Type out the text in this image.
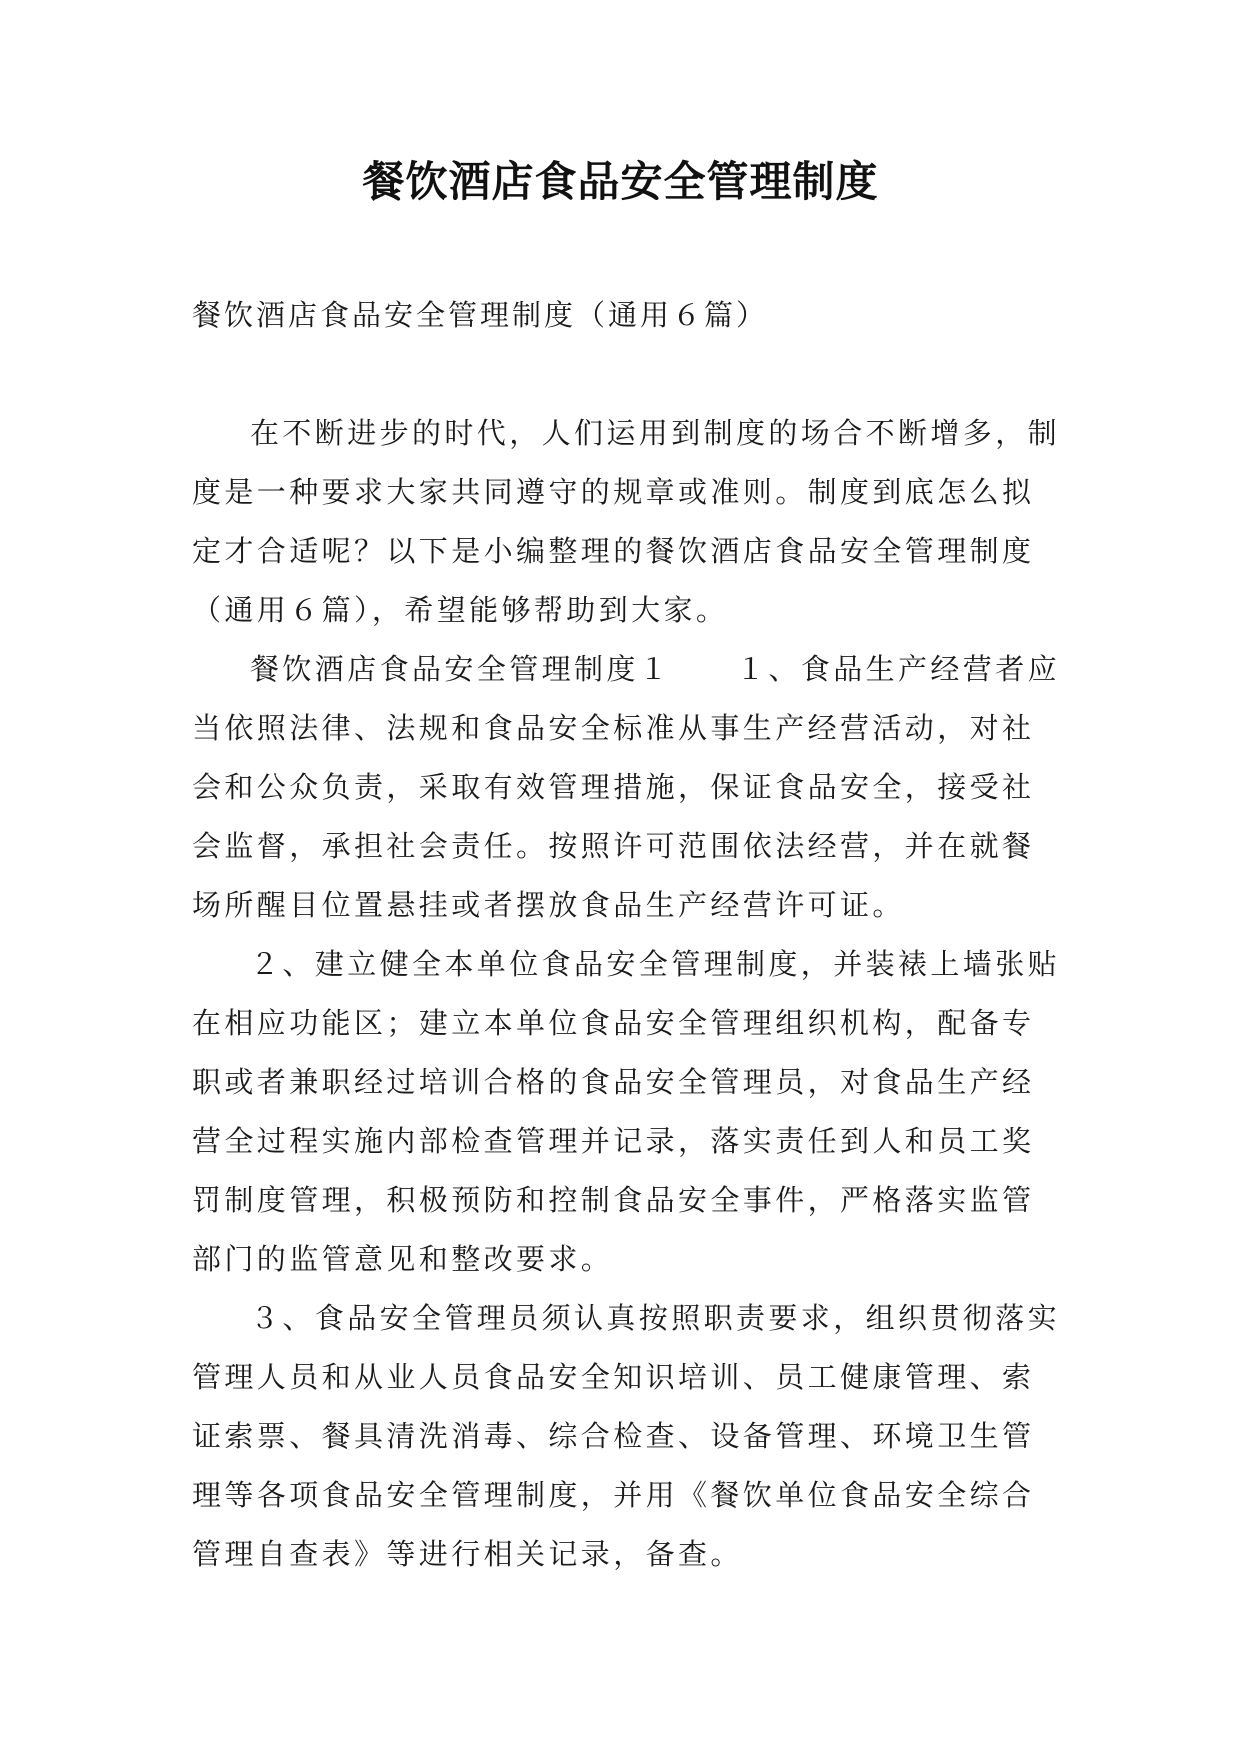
餐饮酒店食品安全管理制度

餐饮酒店食品安全管理制度（通用６篇）

在不断进步的时代，人们运用到制度的场合不断增多，制度是一种要求大家共同遵守的规章或准则。制度到底怎么拟定才合适呢？以下是小编整理的餐饮酒店食品安全管理制度（通用６篇），希望能够帮助到大家。

餐饮酒店食品安全管理制度１　　１、食品生产经营者应当依照法律、法规和食品安全标准从事生产经营活动，对社会和公众负责，采取有效管理措施，保证食品安全，接受社会监督，承担社会责任。按照许可范围依法经营，并在就餐场所醒目位置悬挂或者摆放食品生产经营许可证。

２、建立健全本单位食品安全管理制度，并装裱上墙张贴在相应功能区；建立本单位食品安全管理组织机构，配备专职或者兼职经过培训合格的食品安全管理员，对食品生产经营全过程实施内部检查管理并记录，落实责任到人和员工奖罚制度管理，积极预防和控制食品安全事件，严格落实监管部门的监管意见和整改要求。

３、食品安全管理员须认真按照职责要求，组织贯彻落实管理人员和从业人员食品安全知识培训、员工健康管理、索证索票、餐具清洗消毒、综合检查、设备管理、环境卫生管理等各项食品安全管理制度，并用《餐饮单位食品安全综合管理自查表》等进行相关记录，备查。
